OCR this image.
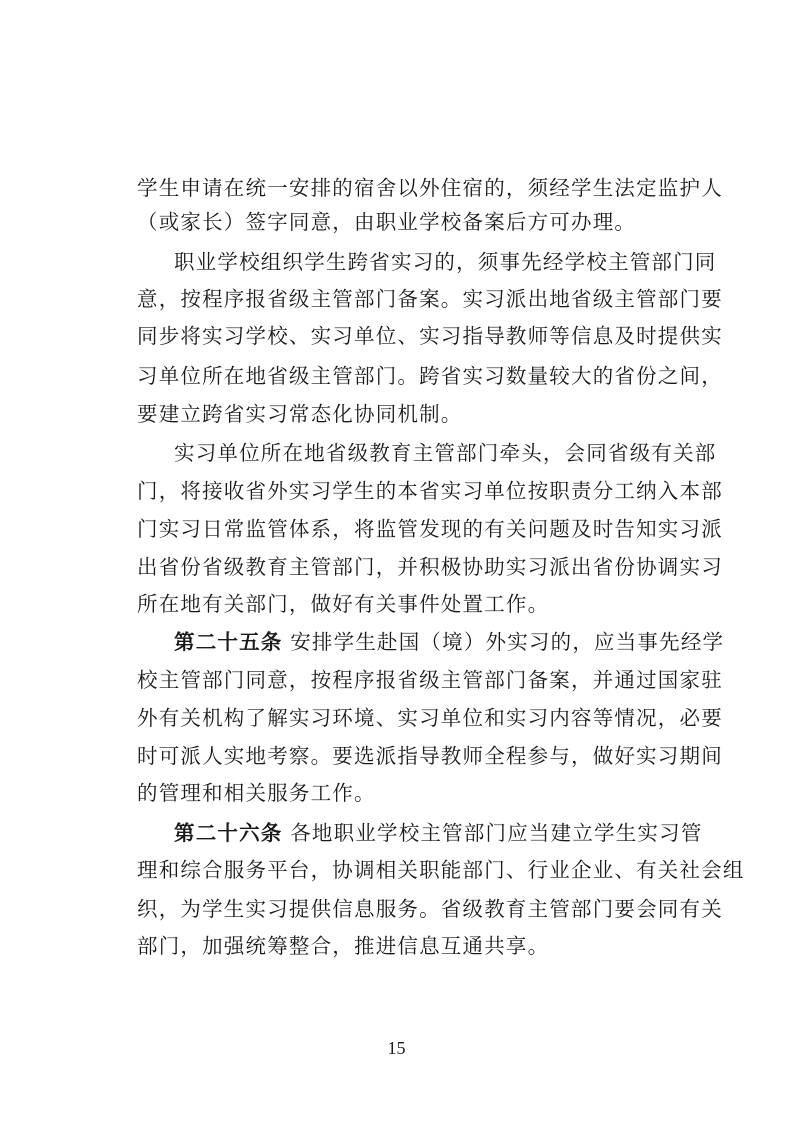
学生申请在统一安排的宿舍以外住宿的，须经学生法定监护人
（或家长）签字同意，由职业学校备案后方可办理。
职业学校组织学生跨省实习的，须事先经学校主管部门同
意，按程序报省级主管部门备案。实习派出地省级主管部门要
同步将实习学校、实习单位、实习指导教师等信息及时提供实
习单位所在地省级主管部门。跨省实习数量较大的省份之间，
要建立跨省实习常态化协同机制。
实习单位所在地省级教育主管部门牵头，会同省级有关部
门，将接收省外实习学生的本省实习单位按职责分工纳入本部
门实习日常监管体系，将监管发现的有关问题及时告知实习派
出省份省级教育主管部门，并积极协助实习派出省份协调实习
所在地有关部门，做好有关事件处置工作。
第二十五条 安排学生赴国（境）外实习的，应当事先经学
校主管部门同意，按程序报省级主管部门备案，并通过国家驻
外有关机构了解实习环境、实习单位和实习内容等情况，必要
时可派人实地考察。要选派指导教师全程参与，做好实习期间
的管理和相关服务工作。
第二十六条 各地职业学校主管部门应当建立学生实习管
理和综合服务平台，协调相关职能部门、行业企业、有关社会组
织，为学生实习提供信息服务。省级教育主管部门要会同有关
部门，加强统筹整合，推进信息互通共享。
15
